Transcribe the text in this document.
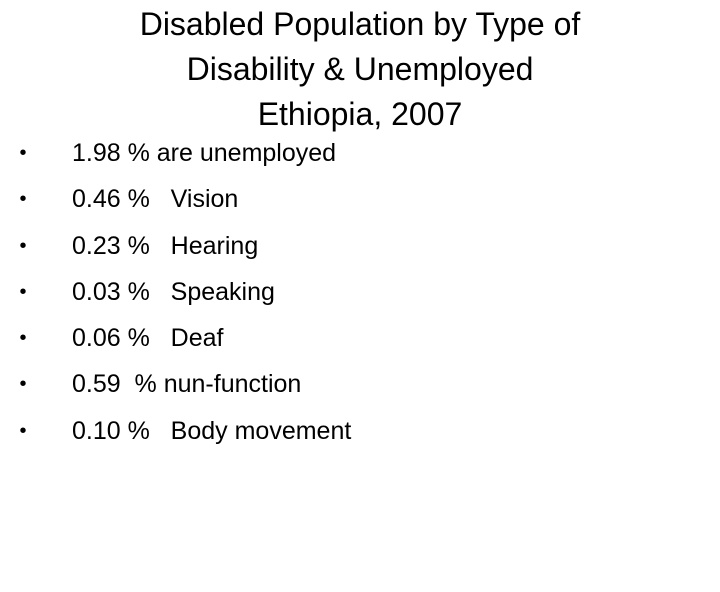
Disabled Population by Type of
Disability & Unemployed
Ethiopia, 2007

•

1.98 % are unemployed

•

0.46 %   Vision

•

0.23 %   Hearing

•

0.03 %   Speaking

•

0.06 %   Deaf

•

0.59  % nun-function

•

0.10 %   Body movement
